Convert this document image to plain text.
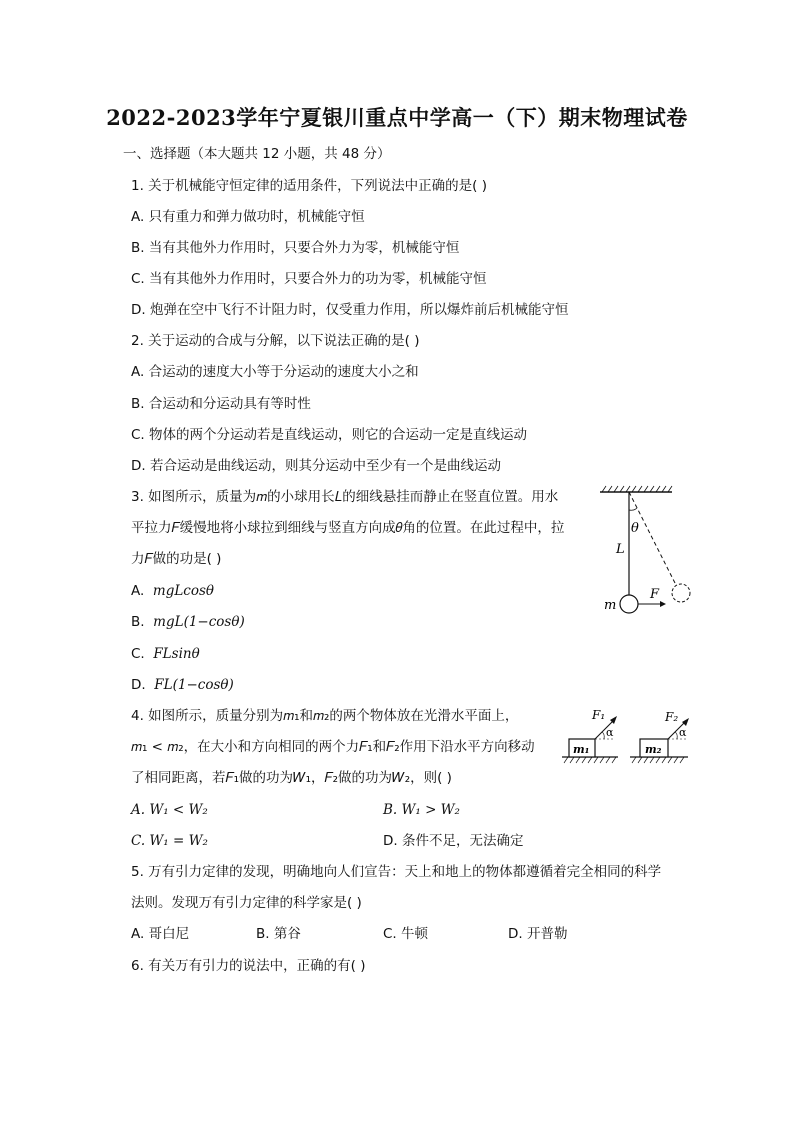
2022-2023学年宁夏银川重点中学高一（下）期末物理试卷
一、选择题（本大题共 12 小题，共 48 分）
1. 关于机械能守恒定律的适用条件，下列说法中正确的是( )
A. 只有重力和弹力做功时，机械能守恒
B. 当有其他外力作用时，只要合外力为零，机械能守恒
C. 当有其他外力作用时，只要合外力的功为零，机械能守恒
D. 炮弹在空中飞行不计阻力时，仅受重力作用，所以爆炸前后机械能守恒
2. 关于运动的合成与分解，以下说法正确的是( )
A. 合运动的速度大小等于分运动的速度大小之和
B. 合运动和分运动具有等时性
C. 物体的两个分运动若是直线运动，则它的合运动一定是直线运动
D. 若合运动是曲线运动，则其分运动中至少有一个是曲线运动
3. 如图所示，质量为𝑚的小球用长𝐿的细线悬挂而静止在竖直位置。用水
平拉力𝐹缓慢地将小球拉到细线与竖直方向成𝜃角的位置。在此过程中，拉
力𝐹做的功是( )
A. mgLcosθ
B. mgL(1−cosθ)
C. FLsinθ
D. FL(1−cosθ)
θ
L
m
F
4. 如图所示，质量分别为𝑚₁和𝑚₂的两个物体放在光滑水平面上，
𝑚₁ < 𝑚₂，在大小和方向相同的两个力𝐹₁和𝐹₂作用下沿水平方向移动
了相同距离，若𝐹₁做的功为𝑊₁，𝐹₂做的功为𝑊₂，则( )
A. 𝑊₁ < 𝑊₂	B. 𝑊₁ > 𝑊₂
C. 𝑊₁ = 𝑊₂	D. 条件不足，无法确定
m₁
α
F₁
m₂
α
F₂
5. 万有引力定律的发现，明确地向人们宣告：天上和地上的物体都遵循着完全相同的科学
法则。发现万有引力定律的科学家是( )
A. 哥白尼	B. 第谷	C. 牛顿	D. 开普勒
6. 有关万有引力的说法中，正确的有( )
